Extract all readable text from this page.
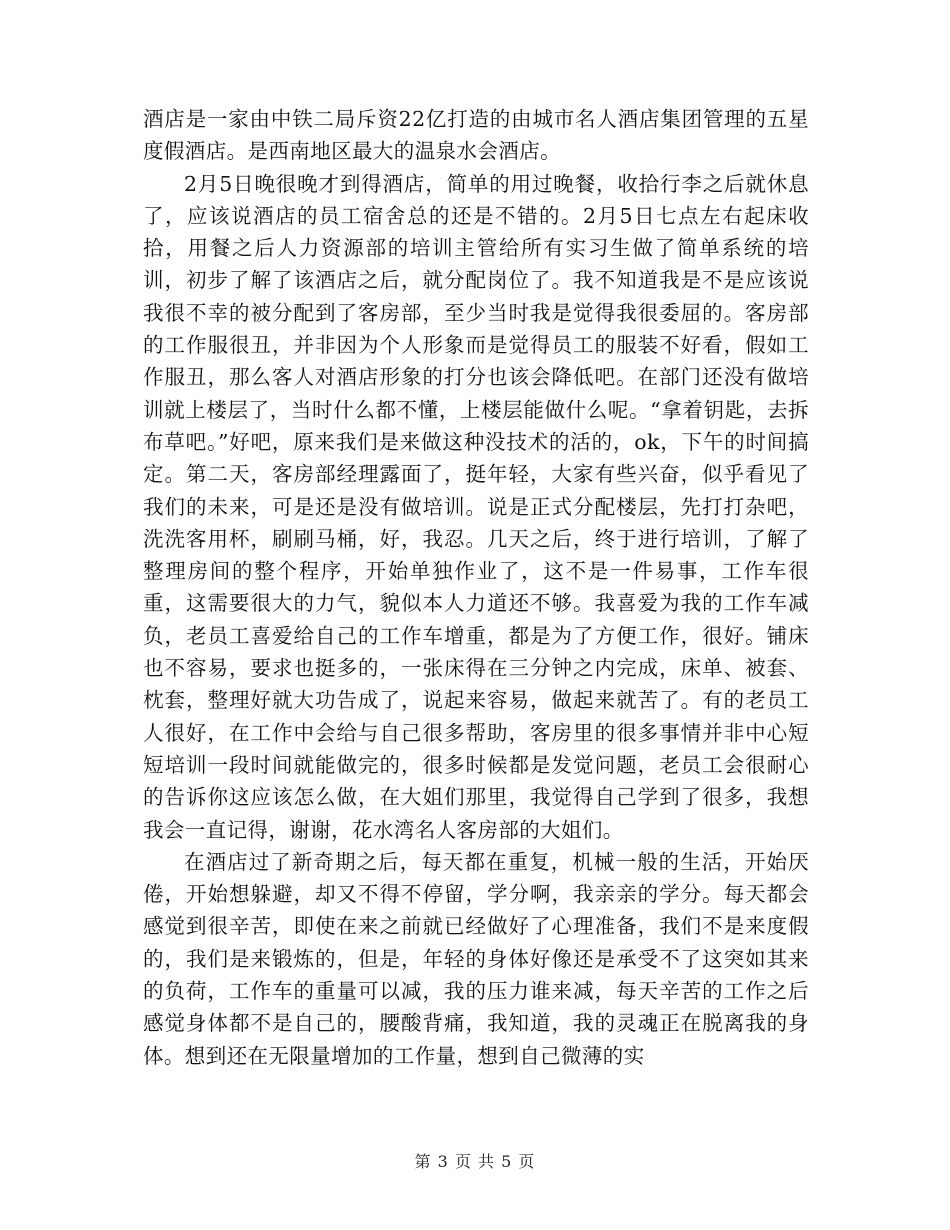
酒店是一家由中铁二局斥资22亿打造的由城市名人酒店集团管理的五星度假酒店。是西南地区最大的温泉水会酒店。

2月5日晚很晚才到得酒店，简单的用过晚餐，收拾行李之后就休息了，应该说酒店的员工宿舍总的还是不错的。2月5日七点左右起床收拾，用餐之后人力资源部的培训主管给所有实习生做了简单系统的培训，初步了解了该酒店之后，就分配岗位了。我不知道我是不是应该说我很不幸的被分配到了客房部，至少当时我是觉得我很委屈的。客房部的工作服很丑，并非因为个人形象而是觉得员工的服装不好看，假如工作服丑，那么客人对酒店形象的打分也该会降低吧。在部门还没有做培训就上楼层了，当时什么都不懂，上楼层能做什么呢。“拿着钥匙，去拆布草吧。”好吧，原来我们是来做这种没技术的活的，ok，下午的时间搞定。第二天，客房部经理露面了，挺年轻，大家有些兴奋，似乎看见了我们的未来，可是还是没有做培训。说是正式分配楼层，先打打杂吧，洗洗客用杯，刷刷马桶，好，我忍。几天之后，终于进行培训，了解了整理房间的整个程序，开始单独作业了，这不是一件易事，工作车很重，这需要很大的力气，貌似本人力道还不够。我喜爱为我的工作车减负，老员工喜爱给自己的工作车增重，都是为了方便工作，很好。铺床也不容易，要求也挺多的，一张床得在三分钟之内完成，床单、被套、枕套，整理好就大功告成了，说起来容易，做起来就苦了。有的老员工人很好，在工作中会给与自己很多帮助，客房里的很多事情并非中心短短培训一段时间就能做完的，很多时候都是发觉问题，老员工会很耐心的告诉你这应该怎么做，在大姐们那里，我觉得自己学到了很多，我想我会一直记得，谢谢，花水湾名人客房部的大姐们。

在酒店过了新奇期之后，每天都在重复，机械一般的生活，开始厌倦，开始想躲避，却又不得不停留，学分啊，我亲亲的学分。每天都会感觉到很辛苦，即使在来之前就已经做好了心理准备，我们不是来度假的，我们是来锻炼的，但是，年轻的身体好像还是承受不了这突如其来的负荷，工作车的重量可以减，我的压力谁来减，每天辛苦的工作之后感觉身体都不是自己的，腰酸背痛，我知道，我的灵魂正在脱离我的身体。想到还在无限量增加的工作量，想到自己微薄的实

第 3 页 共 5 页
